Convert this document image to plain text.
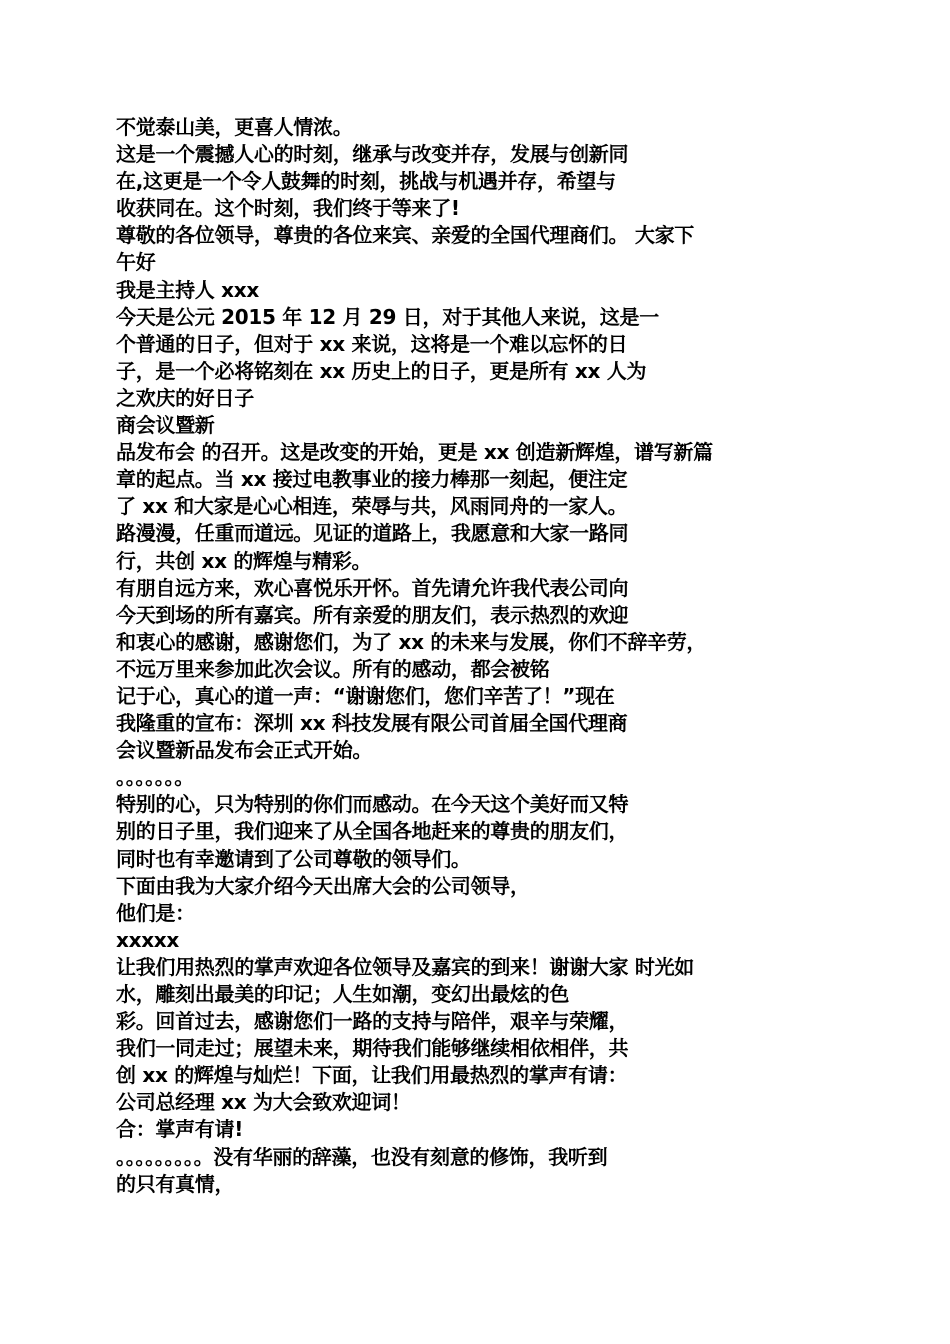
不觉泰山美，更喜人情浓。
这是一个震撼人心的时刻，继承与改变并存，发展与创新同
在,这更是一个令人鼓舞的时刻，挑战与机遇并存，希望与
收获同在。这个时刻，我们终于等来了!
尊敬的各位领导，尊贵的各位来宾、亲爱的全国代理商们。 大家下
午好
我是主持人 xxx
今天是公元 2015 年 12 月 29 日，对于其他人来说，这是一
个普通的日子，但对于 xx 来说，这将是一个难以忘怀的日
子，是一个必将铭刻在 xx 历史上的日子，更是所有 xx 人为
之欢庆的好日子
商会议暨新
品发布会 的召开。这是改变的开始，更是 xx 创造新辉煌，谱写新篇
章的起点。当 xx 接过电教事业的接力棒那一刻起，便注定
了 xx 和大家是心心相连，荣辱与共，风雨同舟的一家人。
路漫漫，任重而道远。见证的道路上，我愿意和大家一路同
行，共创 xx 的辉煌与精彩。
有朋自远方来，欢心喜悦乐开怀。首先请允许我代表公司向
今天到场的所有嘉宾。所有亲爱的朋友们，表示热烈的欢迎
和衷心的感谢，感谢您们，为了 xx 的未来与发展，你们不辞辛劳，
不远万里来参加此次会议。所有的感动，都会被铭
记于心，真心的道一声：“谢谢您们，您们辛苦了！”现在
我隆重的宣布：深圳 xx 科技发展有限公司首届全国代理商
会议暨新品发布会正式开始。
。。。。。。。
特别的心，只为特别的你们而感动。在今天这个美好而又特
别的日子里，我们迎来了从全国各地赶来的尊贵的朋友们，
同时也有幸邀请到了公司尊敬的领导们。
下面由我为大家介绍今天出席大会的公司领导，
他们是：
xxxxx
让我们用热烈的掌声欢迎各位领导及嘉宾的到来！谢谢大家 时光如
水，雕刻出最美的印记；人生如潮，变幻出最炫的色
彩。回首过去，感谢您们一路的支持与陪伴，艰辛与荣耀，
我们一同走过；展望未来，期待我们能够继续相依相伴，共
创 xx 的辉煌与灿烂！下面，让我们用最热烈的掌声有请：
公司总经理 xx 为大会致欢迎词！
合：掌声有请!
。。。。。。。。。没有华丽的辞藻，也没有刻意的修饰，我听到
的只有真情，
